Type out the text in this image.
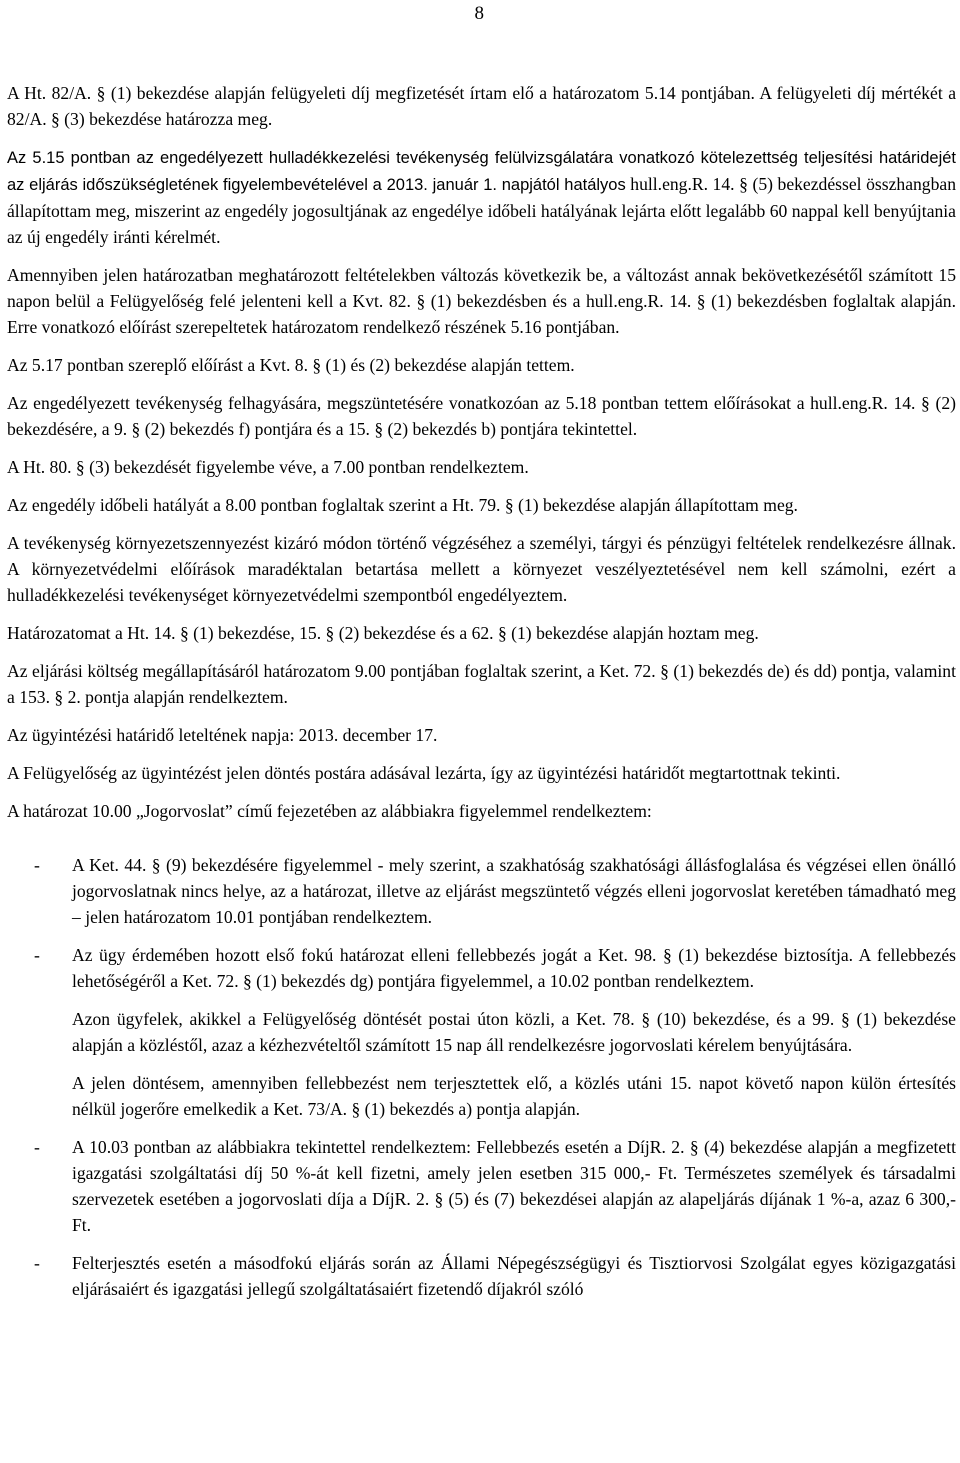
8

A Ht. 82/A. § (1) bekezdése alapján felügyeleti díj megfizetését írtam elő a határozatom 5.14 pontjában. A felügyeleti díj mértékét a 82/A. § (3) bekezdése határozza meg.

Az 5.15 pontban az engedélyezett hulladékkezelési tevékenység felülvizsgálatára vonatkozó kötelezettség teljesítési határidejét az eljárás időszükségletének figyelembevételével a 2013. január 1. napjától hatályos hull.eng.R. 14. § (5) bekezdéssel összhangban állapítottam meg, miszerint az engedély jogosultjának az engedélye időbeli hatályának lejárta előtt legalább 60 nappal kell benyújtania az új engedély iránti kérelmét.

Amennyiben jelen határozatban meghatározott feltételekben változás következik be, a változást annak bekövetkezésétől számított 15 napon belül a Felügyelőség felé jelenteni kell a Kvt. 82. § (1) bekezdésben és a hull.eng.R. 14. § (1) bekezdésben foglaltak alapján. Erre vonatkozó előírást szerepeltetek határozatom rendelkező részének 5.16 pontjában.

Az 5.17 pontban szereplő előírást a Kvt. 8. § (1) és (2) bekezdése alapján tettem.

Az engedélyezett tevékenység felhagyására, megszüntetésére vonatkozóan az 5.18 pontban tettem előírásokat a hull.eng.R. 14. § (2) bekezdésére, a 9. § (2) bekezdés f) pontjára és a 15. § (2) bekezdés b) pontjára tekintettel.

A Ht. 80. § (3) bekezdését figyelembe véve, a 7.00 pontban rendelkeztem.

Az engedély időbeli hatályát a 8.00 pontban foglaltak szerint a Ht. 79. § (1) bekezdése alapján állapítottam meg.

A tevékenység környezetszennyezést kizáró módon történő végzéséhez a személyi, tárgyi és pénzügyi feltételek rendelkezésre állnak. A környezetvédelmi előírások maradéktalan betartása mellett a környezet veszélyeztetésével nem kell számolni, ezért a hulladékkezelési tevékenységet környezetvédelmi szempontból engedélyeztem.

Határozatomat a Ht. 14. § (1) bekezdése, 15. § (2) bekezdése és a 62. § (1) bekezdése alapján hoztam meg.

Az eljárási költség megállapításáról határozatom 9.00 pontjában foglaltak szerint, a Ket. 72. § (1) bekezdés de) és dd) pontja, valamint a 153. § 2. pontja alapján rendelkeztem.

Az ügyintézési határidő leteltének napja: 2013. december 17.

A Felügyelőség az ügyintézést jelen döntés postára adásával lezárta, így az ügyintézési határidőt megtartottnak tekinti.

A határozat 10.00 „Jogorvoslat” című fejezetében az alábbiakra figyelemmel rendelkeztem:

- A Ket. 44. § (9) bekezdésére figyelemmel - mely szerint, a szakhatóság szakhatósági állásfoglalása és végzései ellen önálló jogorvoslatnak nincs helye, az a határozat, illetve az eljárást megszüntető végzés elleni jogorvoslat keretében támadható meg – jelen határozatom 10.01 pontjában rendelkeztem.

- Az ügy érdemében hozott első fokú határozat elleni fellebbezés jogát a Ket. 98. § (1) bekezdése biztosítja. A fellebbezés lehetőségéről a Ket. 72. § (1) bekezdés dg) pontjára figyelemmel, a 10.02 pontban rendelkeztem.

Azon ügyfelek, akikkel a Felügyelőség döntését postai úton közli, a Ket. 78. § (10) bekezdése, és a 99. § (1) bekezdése alapján a közléstől, azaz a kézhezvételtől számított 15 nap áll rendelkezésre jogorvoslati kérelem benyújtására.

A jelen döntésem, amennyiben fellebbezést nem terjesztettek elő, a közlés utáni 15. napot követő napon külön értesítés nélkül jogerőre emelkedik a Ket. 73/A. § (1) bekezdés a) pontja alapján.

- A 10.03 pontban az alábbiakra tekintettel rendelkeztem: Fellebbezés esetén a DíjR. 2. § (4) bekezdése alapján a megfizetett igazgatási szolgáltatási díj 50 %-át kell fizetni, amely jelen esetben 315 000,- Ft. Természetes személyek és társadalmi szervezetek esetében a jogorvoslati díja a DíjR. 2. § (5) és (7) bekezdései alapján az alapeljárás díjának 1 %-a, azaz 6 300,- Ft.

- Felterjesztés esetén a másodfokú eljárás során az Állami Népegészségügyi és Tisztiorvosi Szolgálat egyes közigazgatási eljárásaiért és igazgatási jellegű szolgáltatásaiért fizetendő díjakról szóló
